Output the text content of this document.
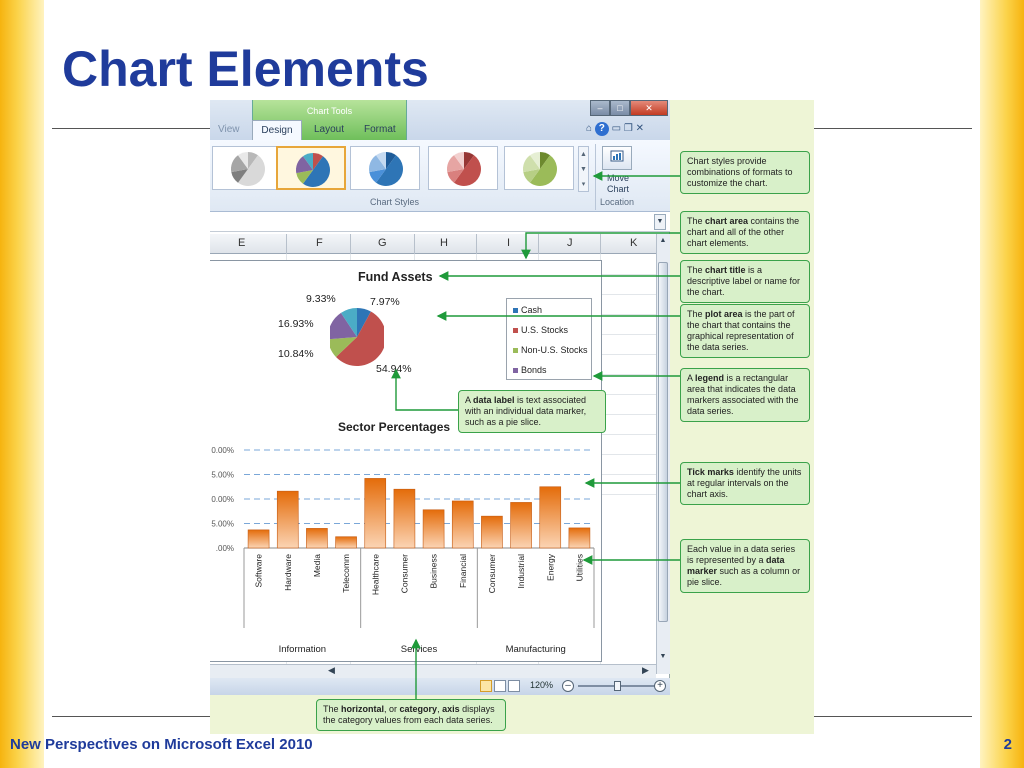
Chart Elements
New Perspectives on Microsoft Excel 2010	2
Chart Tools
View	Design	Layout Format
–	□	✕
⌂ ? ▭ ❐ ✕
▲
▼
▾
Chart Styles
Move
Chart
Location
▼
E	F	G	H	I	J	K
Fund Assets
9.33%	7.97%
16.93%
10.84%
54.94%
Cash
U.S. Stocks
Non-U.S. Stocks
Bonds
Sector Percentages
.00%
5.00%
0.00%
5.00%
0.00%
Software Hardware Media Telecomm Healthcare Consumer Business Financial Consumer Industrial Energy Utilities
Information	Services	Manufacturing
▲
▼
◀	▶
120%	–	+
Chart styles provide combinations of formats to customize the chart.
The chart area contains the chart and all of the other chart elements.
The chart title is a descriptive label or name for the chart.
The plot area is the part of the chart that contains the graphical representation of the data series.
A legend is a rectangular area that indicates the data markers associated with the data series.
A data label is text associated with an individual data marker, such as a pie slice.
Tick marks identify the units at regular intervals on the chart axis.
Each value in a data series is represented by a data marker such as a column or pie slice.
The horizontal, or category, axis displays the category values from each data series.
